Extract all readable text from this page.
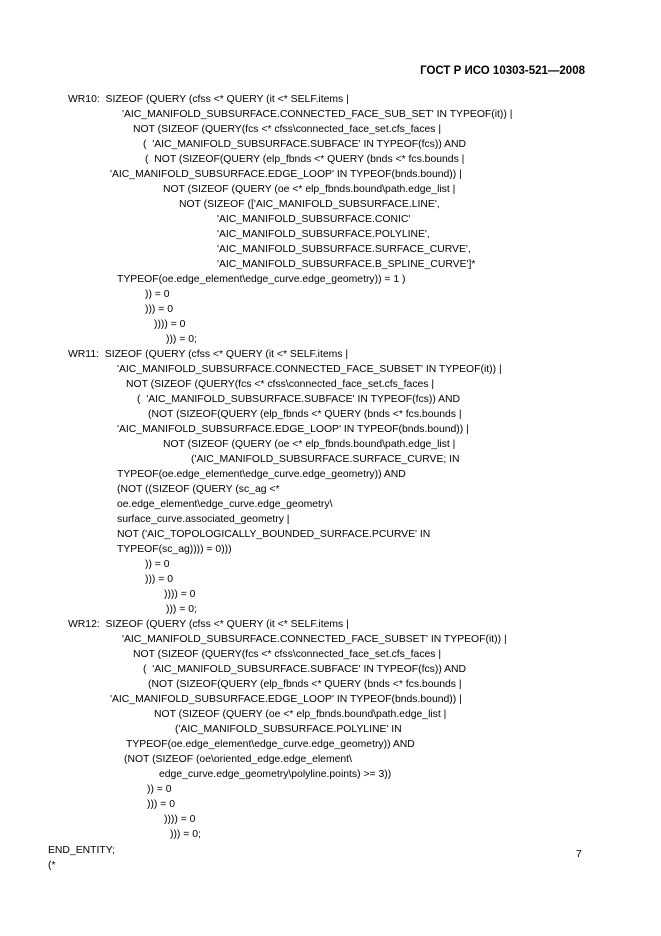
ГОСТ Р ИСО 10303-521—2008
WR10:  SIZEOF (QUERY (cfss <* QUERY (it <* SELF.items |
'AIC_MANIFOLD_SUBSURFACE.CONNECTED_FACE_SUB_SET' IN TYPEOF(it)) |
NOT (SIZEOF (QUERY(fcs <* cfss\connected_face_set.cfs_faces |
(  'AIC_MANIFOLD_SUBSURFACE.SUBFACE' IN TYPEOF(fcs)) AND
(  NOT (SIZEOF(QUERY (elp_fbnds <* QUERY (bnds <* fcs.bounds |
'AIC_MANIFOLD_SUBSURFACE.EDGE_LOOP' IN TYPEOF(bnds.bound)) |
NOT (SIZEOF (QUERY (oe <* elp_fbnds.bound\path.edge_list |
NOT (SIZEOF (['AIC_MANIFOLD_SUBSURFACE.LINE',
'AIC_MANIFOLD_SUBSURFACE.CONIC'
'AIC_MANIFOLD_SUBSURFACE.POLYLINE',
'AIC_MANIFOLD_SUBSURFACE.SURFACE_CURVE',
'AIC_MANIFOLD_SUBSURFACE.B_SPLINE_CURVE']*
TYPEOF(oe.edge_element\edge_curve.edge_geometry)) = 1 )
)) = 0
))) = 0
)))) = 0
))) = 0;
WR11:  SIZEOF (QUERY (cfss <* QUERY (it <* SELF.items |
'AIC_MANIFOLD_SUBSURFACE.CONNECTED_FACE_SUBSET' IN TYPEOF(it)) |
NOT (SIZEOF (QUERY(fcs <* cfss\connected_face_set.cfs_faces |
(  'AIC_MANIFOLD_SUBSURFACE.SUBFACE' IN TYPEOF(fcs)) AND
(NOT (SIZEOF(QUERY (elp_fbnds <* QUERY (bnds <* fcs.bounds |
'AIC_MANIFOLD_SUBSURFACE.EDGE_LOOP' IN TYPEOF(bnds.bound)) |
NOT (SIZEOF (QUERY (oe <* elp_fbnds.bound\path.edge_list |
('AIC_MANIFOLD_SUBSURFACE.SURFACE_CURVE; IN
TYPEOF(oe.edge_element\edge_curve.edge_geometry)) AND
(NOT ((SIZEOF (QUERY (sc_ag <*
oe.edge_element\edge_curve.edge_geometry\
surface_curve.associated_geometry |
NOT ('AIC_TOPOLOGICALLY_BOUNDED_SURFACE.PCURVE' IN
TYPEOF(sc_ag)))) = 0)))
)) = 0
))) = 0
)))) = 0
))) = 0;
WR12:  SIZEOF (QUERY (cfss <* QUERY (it <* SELF.items |
'AIC_MANIFOLD_SUBSURFACE.CONNECTED_FACE_SUBSET' IN TYPEOF(it)) |
NOT (SIZEOF (QUERY(fcs <* cfss\connected_face_set.cfs_faces |
(  'AIC_MANIFOLD_SUBSURFACE.SUBFACE' IN TYPEOF(fcs)) AND
(NOT (SIZEOF(QUERY (elp_fbnds <* QUERY (bnds <* fcs.bounds |
'AIC_MANIFOLD_SUBSURFACE.EDGE_LOOP' IN TYPEOF(bnds.bound)) |
NOT (SIZEOF (QUERY (oe <* elp_fbnds.bound\path.edge_list |
('AIC_MANIFOLD_SUBSURFACE.POLYLINE' IN
TYPEOF(oe.edge_element\edge_curve.edge_geometry)) AND
(NOT (SIZEOF (oe\oriented_edge.edge_element\
edge_curve.edge_geometry\polyline.points) >= 3))
)) = 0
))) = 0
)))) = 0
))) = 0;
END_ENTITY;
(*
7
